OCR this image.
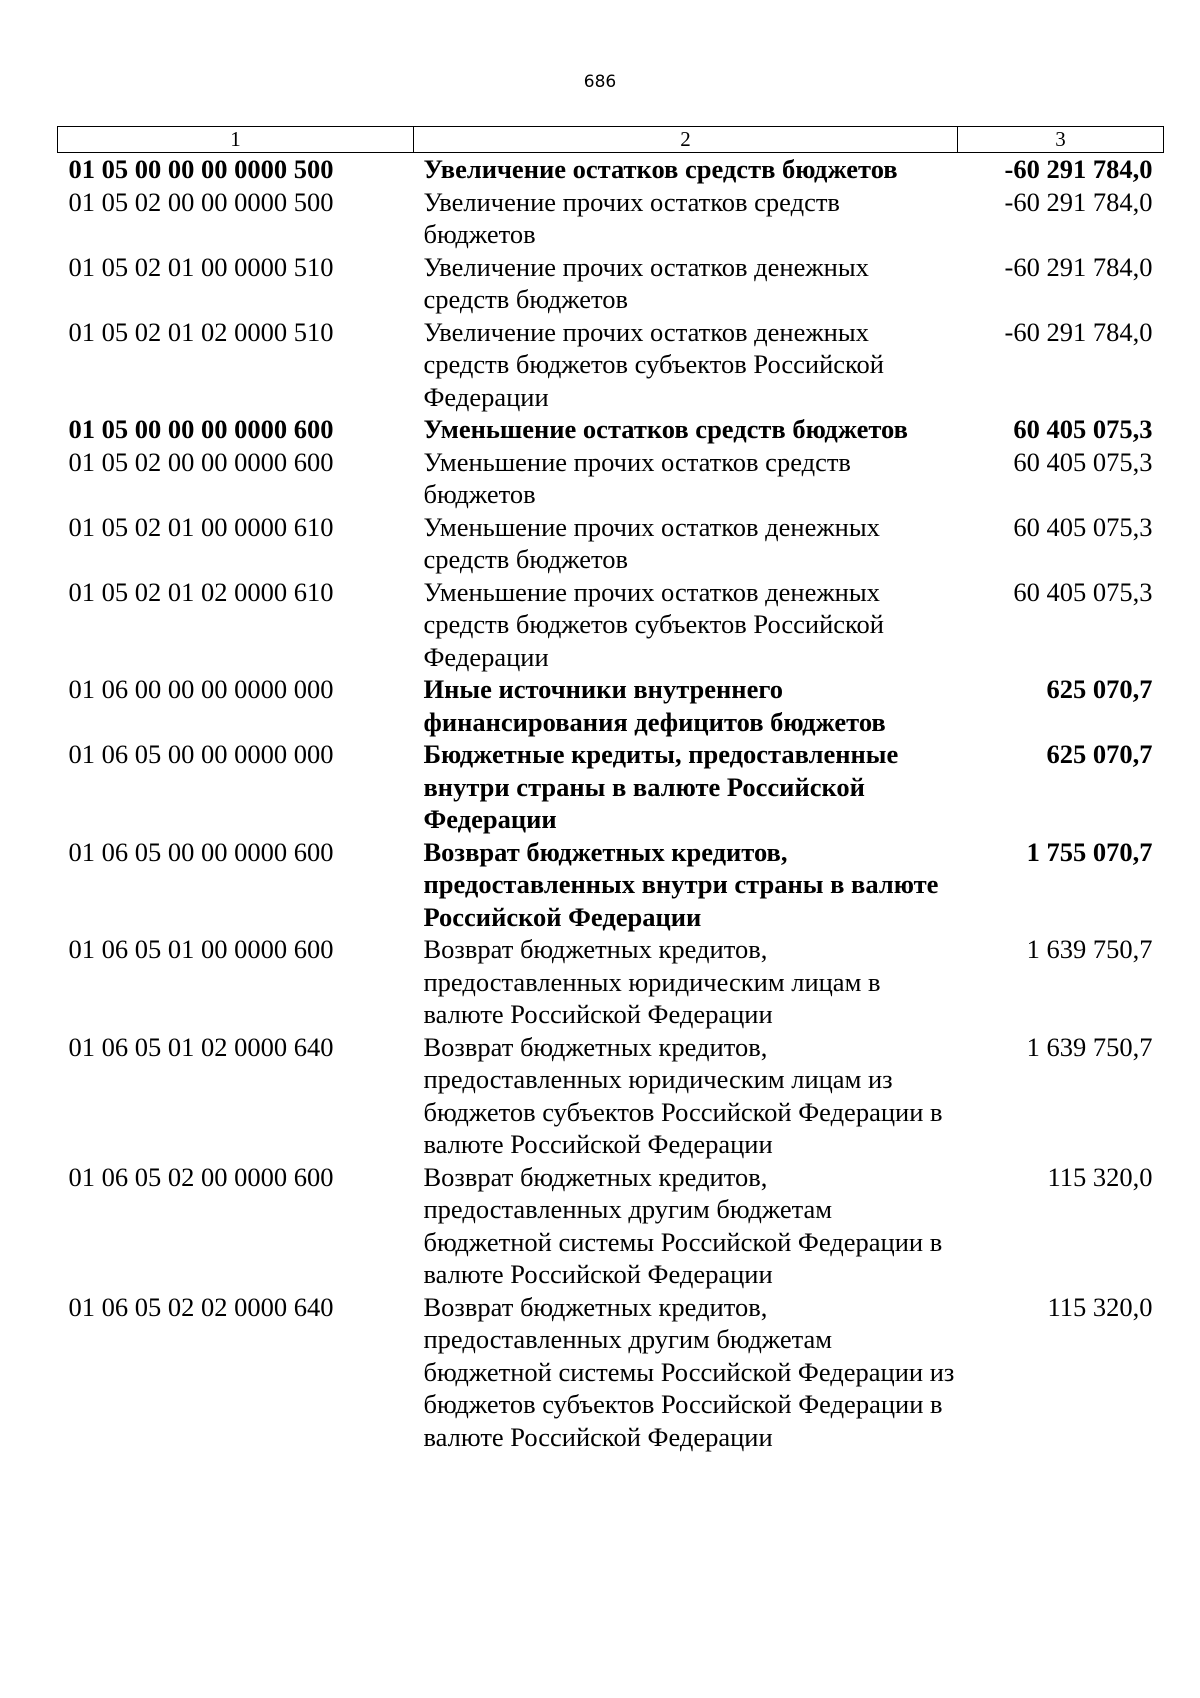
686
1	2	3
01 05 00 00 00 0000 500	Увеличение остатков средств бюджетов	-60 291 784,0
01 05 02 00 00 0000 500	Увеличение прочих остатков средств бюджетов	-60 291 784,0
01 05 02 01 00 0000 510	Увеличение прочих остатков денежных средств бюджетов	-60 291 784,0
01 05 02 01 02 0000 510	Увеличение прочих остатков денежных средств бюджетов субъектов Российской Федерации	-60 291 784,0
01 05 00 00 00 0000 600	Уменьшение остатков средств бюджетов	60 405 075,3
01 05 02 00 00 0000 600	Уменьшение прочих остатков средств бюджетов	60 405 075,3
01 05 02 01 00 0000 610	Уменьшение прочих остатков денежных средств бюджетов	60 405 075,3
01 05 02 01 02 0000 610	Уменьшение прочих остатков денежных средств бюджетов субъектов Российской Федерации	60 405 075,3
01 06 00 00 00 0000 000	Иные источники внутреннего финансирования дефицитов бюджетов	625 070,7
01 06 05 00 00 0000 000	Бюджетные кредиты, предоставленные внутри страны в валюте Российской Федерации	625 070,7
01 06 05 00 00 0000 600	Возврат бюджетных кредитов, предоставленных внутри страны в валюте Российской Федерации	1 755 070,7
01 06 05 01 00 0000 600	Возврат бюджетных кредитов, предоставленных юридическим лицам в валюте Российской Федерации	1 639 750,7
01 06 05 01 02 0000 640	Возврат бюджетных кредитов, предоставленных юридическим лицам из бюджетов субъектов Российской Федерации в валюте Российской Федерации	1 639 750,7
01 06 05 02 00 0000 600	Возврат бюджетных кредитов, предоставленных другим бюджетам бюджетной системы Российской Федерации в валюте Российской Федерации	115 320,0
01 06 05 02 02 0000 640	Возврат бюджетных кредитов, предоставленных другим бюджетам бюджетной системы Российской Федерации из бюджетов субъектов Российской Федерации в валюте Российской Федерации	115 320,0
